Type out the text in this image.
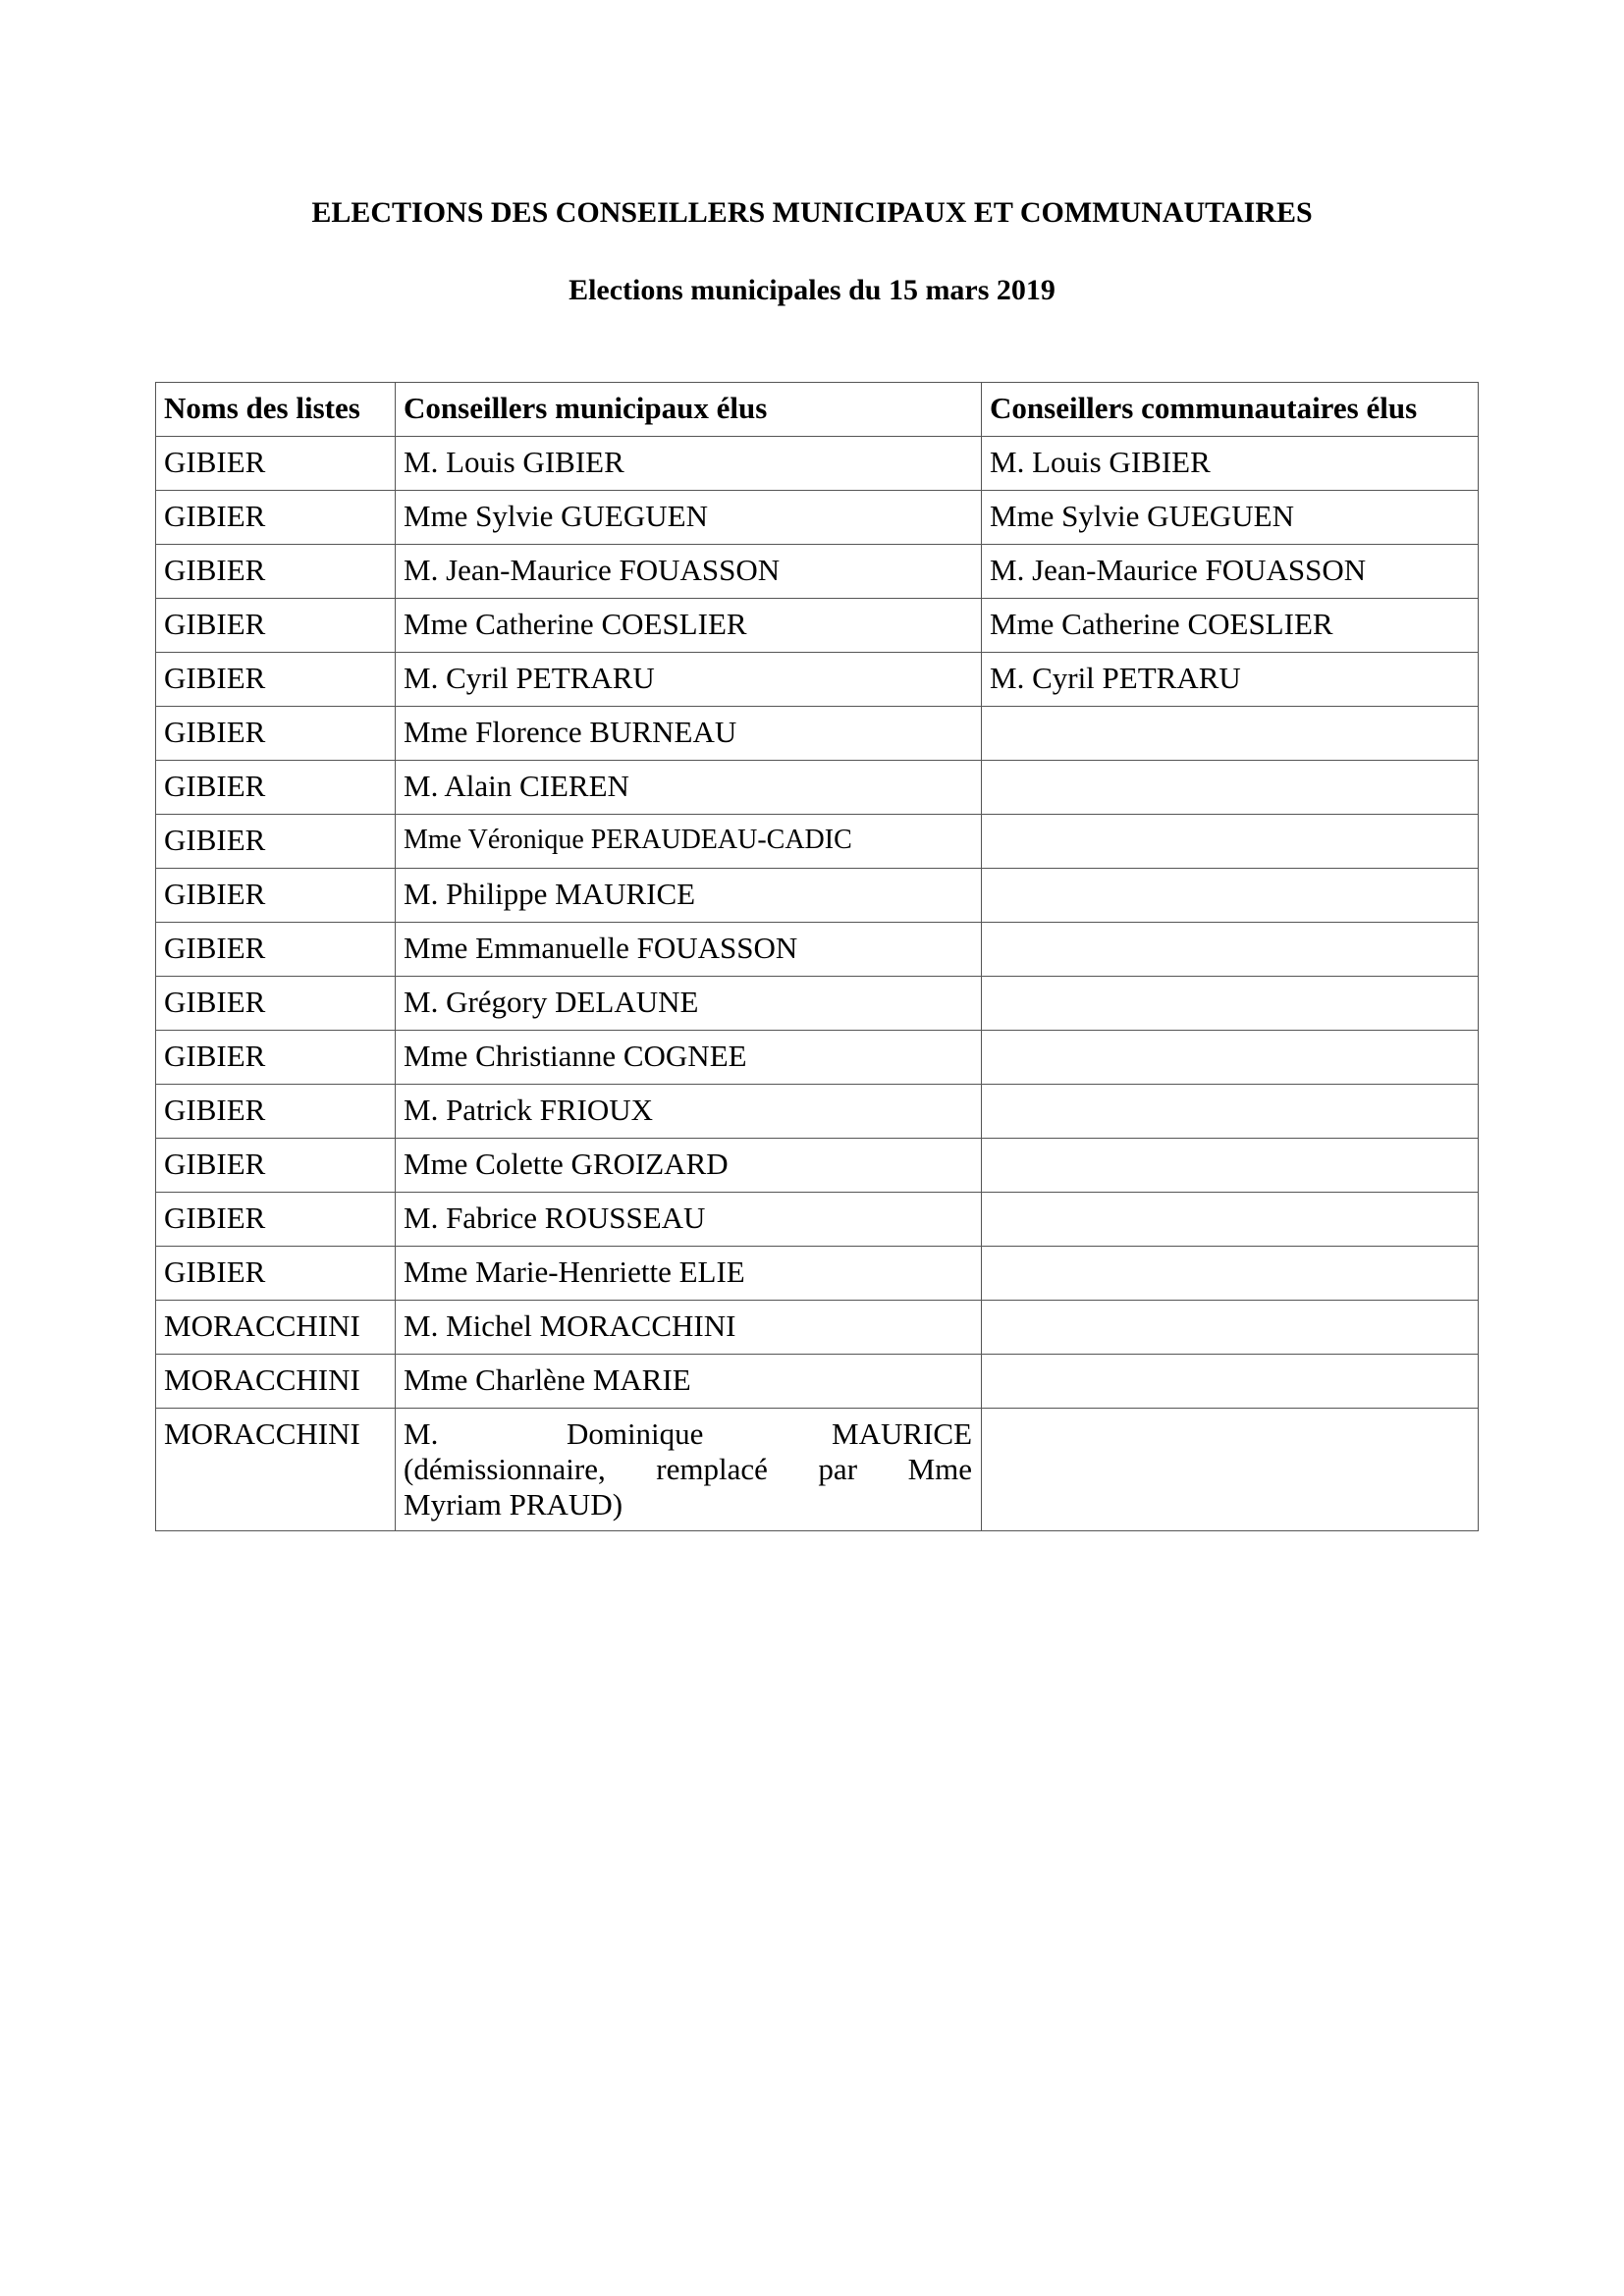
ELECTIONS DES CONSEILLERS MUNICIPAUX ET COMMUNAUTAIRES
Elections municipales du 15 mars 2019
Noms des listes	Conseillers municipaux élus	Conseillers communautaires élus
GIBIER	M. Louis GIBIER	M. Louis GIBIER
GIBIER	Mme Sylvie GUEGUEN	Mme Sylvie GUEGUEN
GIBIER	M. Jean-Maurice FOUASSON	M. Jean-Maurice FOUASSON
GIBIER	Mme Catherine COESLIER	Mme Catherine COESLIER
GIBIER	M. Cyril PETRARU	M. Cyril PETRARU
GIBIER	Mme Florence BURNEAU	
GIBIER	M. Alain CIEREN	
GIBIER	Mme Véronique PERAUDEAU-CADIC	
GIBIER	M. Philippe MAURICE	
GIBIER	Mme Emmanuelle FOUASSON	
GIBIER	M. Grégory DELAUNE	
GIBIER	Mme Christianne COGNEE	
GIBIER	M. Patrick FRIOUX	
GIBIER	Mme Colette GROIZARD	
GIBIER	M. Fabrice ROUSSEAU	
GIBIER	Mme Marie-Henriette ELIE	
MORACCHINI	M. Michel MORACCHINI	
MORACCHINI	Mme Charlène MARIE	
MORACCHINI	M. Dominique MAURICE
(démissionnaire, remplacé par Mme
Myriam PRAUD)	
